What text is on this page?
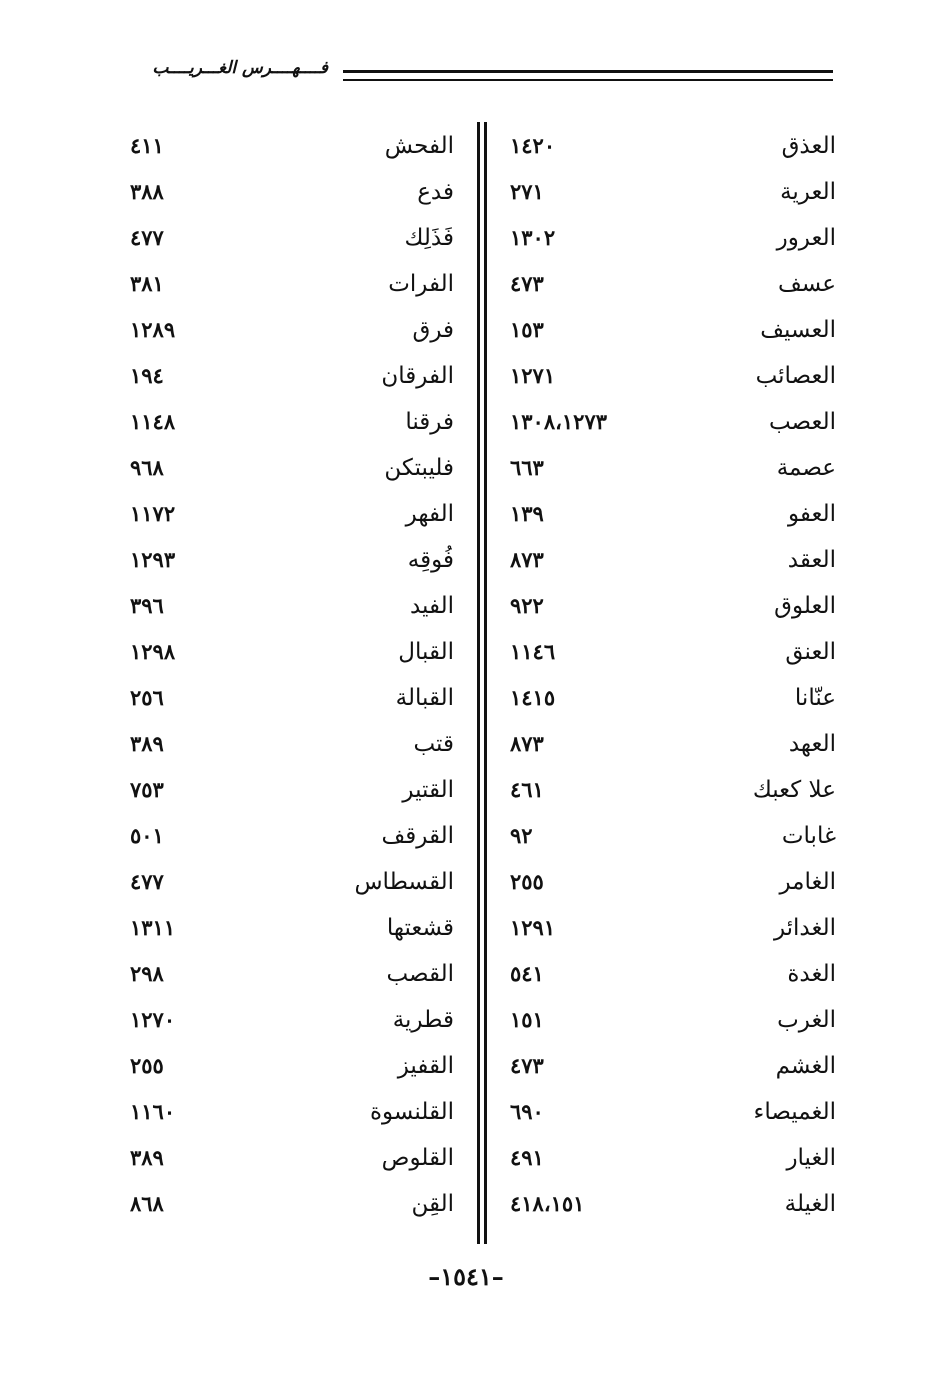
فــــهــــرس الغـــريــــب
العذق
١٤٢٠
العرية
٢٧١
العرور
١٣٠٢
عسف
٤٧٣
العسيف
١٥٣
العصائب
١٢٧١
العصب
١٣٠٨،١٢٧٣
عصمة
٦٦٣
العفو
١٣٩
العقد
٨٧٣
العلوق
٩٢٢
العنق
١١٤٦
عنّانا
١٤١٥
العهد
٨٧٣
علا كعبك
٤٦١
غابات
٩٢
الغامر
٢٥٥
الغدائر
١٢٩١
الغدة
٥٤١
الغرب
١٥١
الغشم
٤٧٣
الغميصاء
٦٩٠
الغيار
٤٩١
الغيلة
٤١٨،١٥١
الفحش
٤١١
فدع
٣٨٨
فَذَلِك
٤٧٧
الفرات
٣٨١
فرق
١٢٨٩
الفرقان
١٩٤
فرقنا
١١٤٨
فليبتكن
٩٦٨
الفهر
١١٧٢
فُوقِه
١٢٩٣
الفيد
٣٩٦
القبال
١٢٩٨
القبالة
٢٥٦
قتب
٣٨٩
القتير
٧٥٣
القرقف
٥٠١
القسطاس
٤٧٧
قشعتها
١٣١١
القصب
٢٩٨
قطرية
١٢٧٠
القفيز
٢٥٥
القلنسوة
١١٦٠
القلوص
٣٨٩
القِن
٨٦٨
–١٥٤١–
